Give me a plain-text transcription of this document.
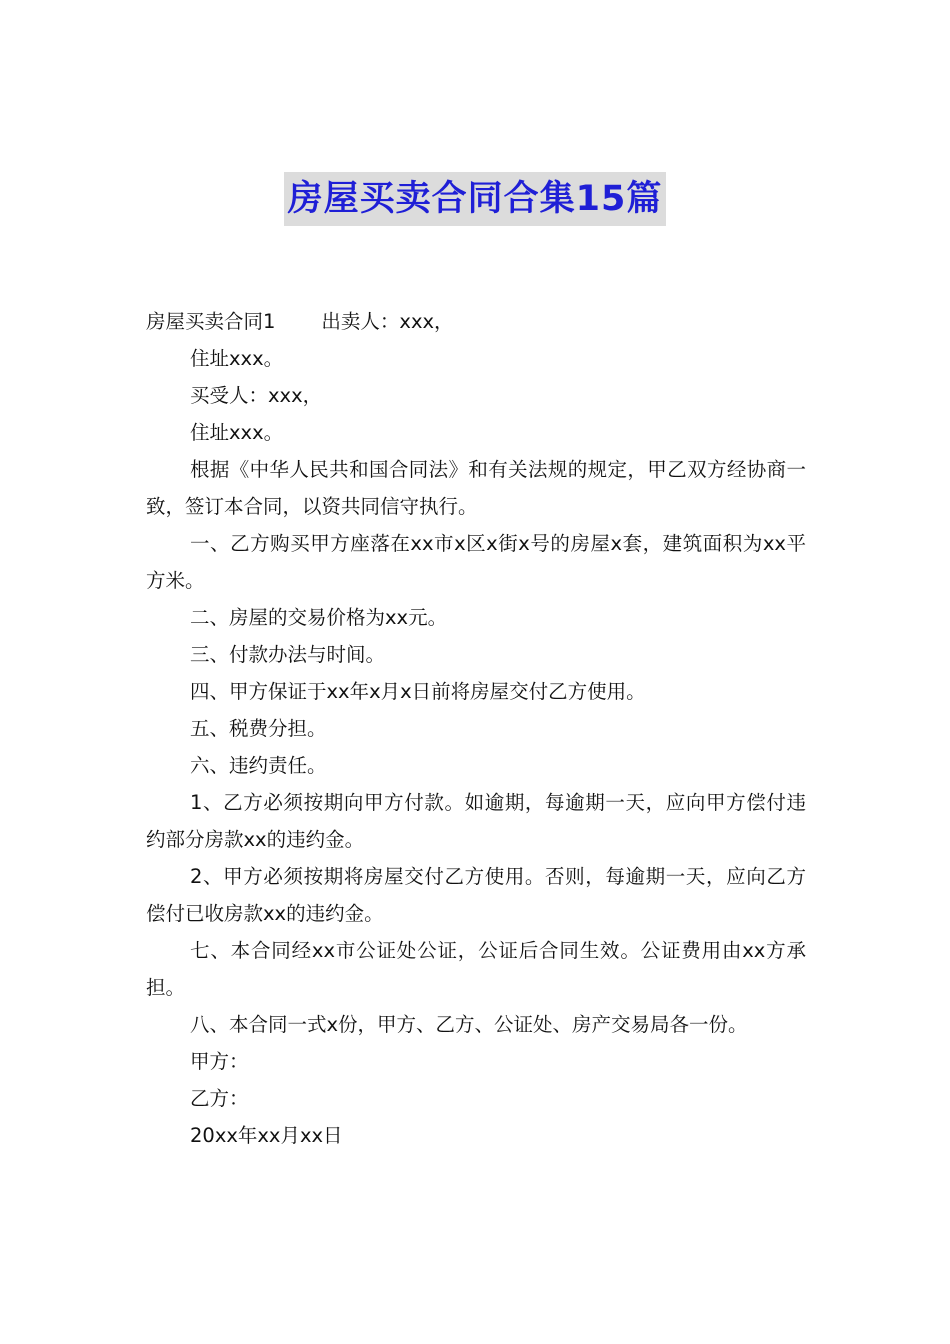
房屋买卖合同合集15篇

房屋买卖合同1 出卖人：xxx，

住址xxx。

买受人：xxx，

住址xxx。

根据《中华人民共和国合同法》和有关法规的规定，甲乙双方经协商一致，签订本合同，以资共同信守执行。

一、乙方购买甲方座落在xx市x区x街x号的房屋x套，建筑面积为xx平方米。

二、房屋的交易价格为xx元。

三、付款办法与时间。

四、甲方保证于xx年x月x日前将房屋交付乙方使用。

五、税费分担。

六、违约责任。

1、乙方必须按期向甲方付款。如逾期，每逾期一天，应向甲方偿付违约部分房款xx的违约金。

2、甲方必须按期将房屋交付乙方使用。否则，每逾期一天，应向乙方偿付已收房款xx的违约金。

七、本合同经xx市公证处公证，公证后合同生效。公证费用由xx方承担。

八、本合同一式x份，甲方、乙方、公证处、房产交易局各一份。

甲方：

乙方：

20xx年xx月xx日
